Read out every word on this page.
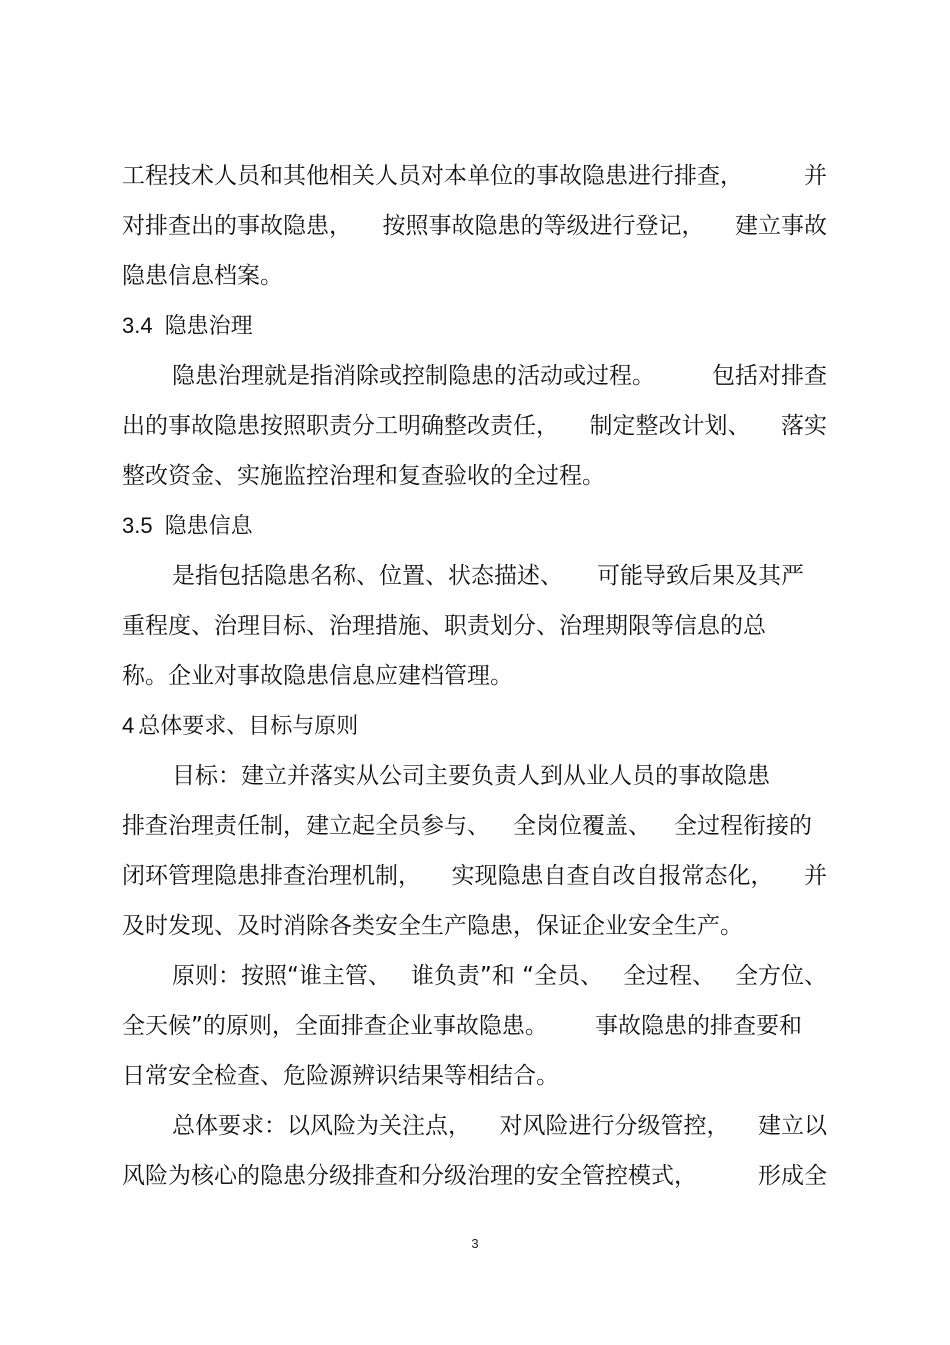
工程技术人员和其他相关人员对本单位的事故隐患进行排查，	并
对排查出的事故隐患， 按照事故隐患的等级进行登记， 建立事故
隐患信息档案。
3.4 隐患治理
隐患治理就是指消除或控制隐患的活动或过程。 包括对排查
出的事故隐患按照职责分工明确整改责任， 制定整改计划、 落实
整改资金、实施监控治理和复查验收的全过程。
3.5 隐患信息
是指包括隐患名称、位置、状态描述、 可能导致后果及其严
重程度、治理目标、治理措施、职责划分、治理期限等信息的总
称。企业对事故隐患信息应建档管理。
4 总体要求、目标与原则
目标：建立并落实从公司主要负责人到从业人员的事故隐患
排查治理责任制，建立起全员参与、 全岗位覆盖、 全过程衔接的
闭环管理隐患排查治理机制， 实现隐患自查自改自报常态化， 并
及时发现、及时消除各类安全生产隐患，保证企业安全生产。
原则：按照“谁主管、 谁负责”和 “全员、 全过程、 全方位、
全天候”的原则，全面排查企业事故隐患。 事故隐患的排查要和
日常安全检查、危险源辨识结果等相结合。
总体要求：以风险为关注点， 对风险进行分级管控， 建立以
风险为核心的隐患分级排查和分级治理的安全管控模式，	形成全
3
